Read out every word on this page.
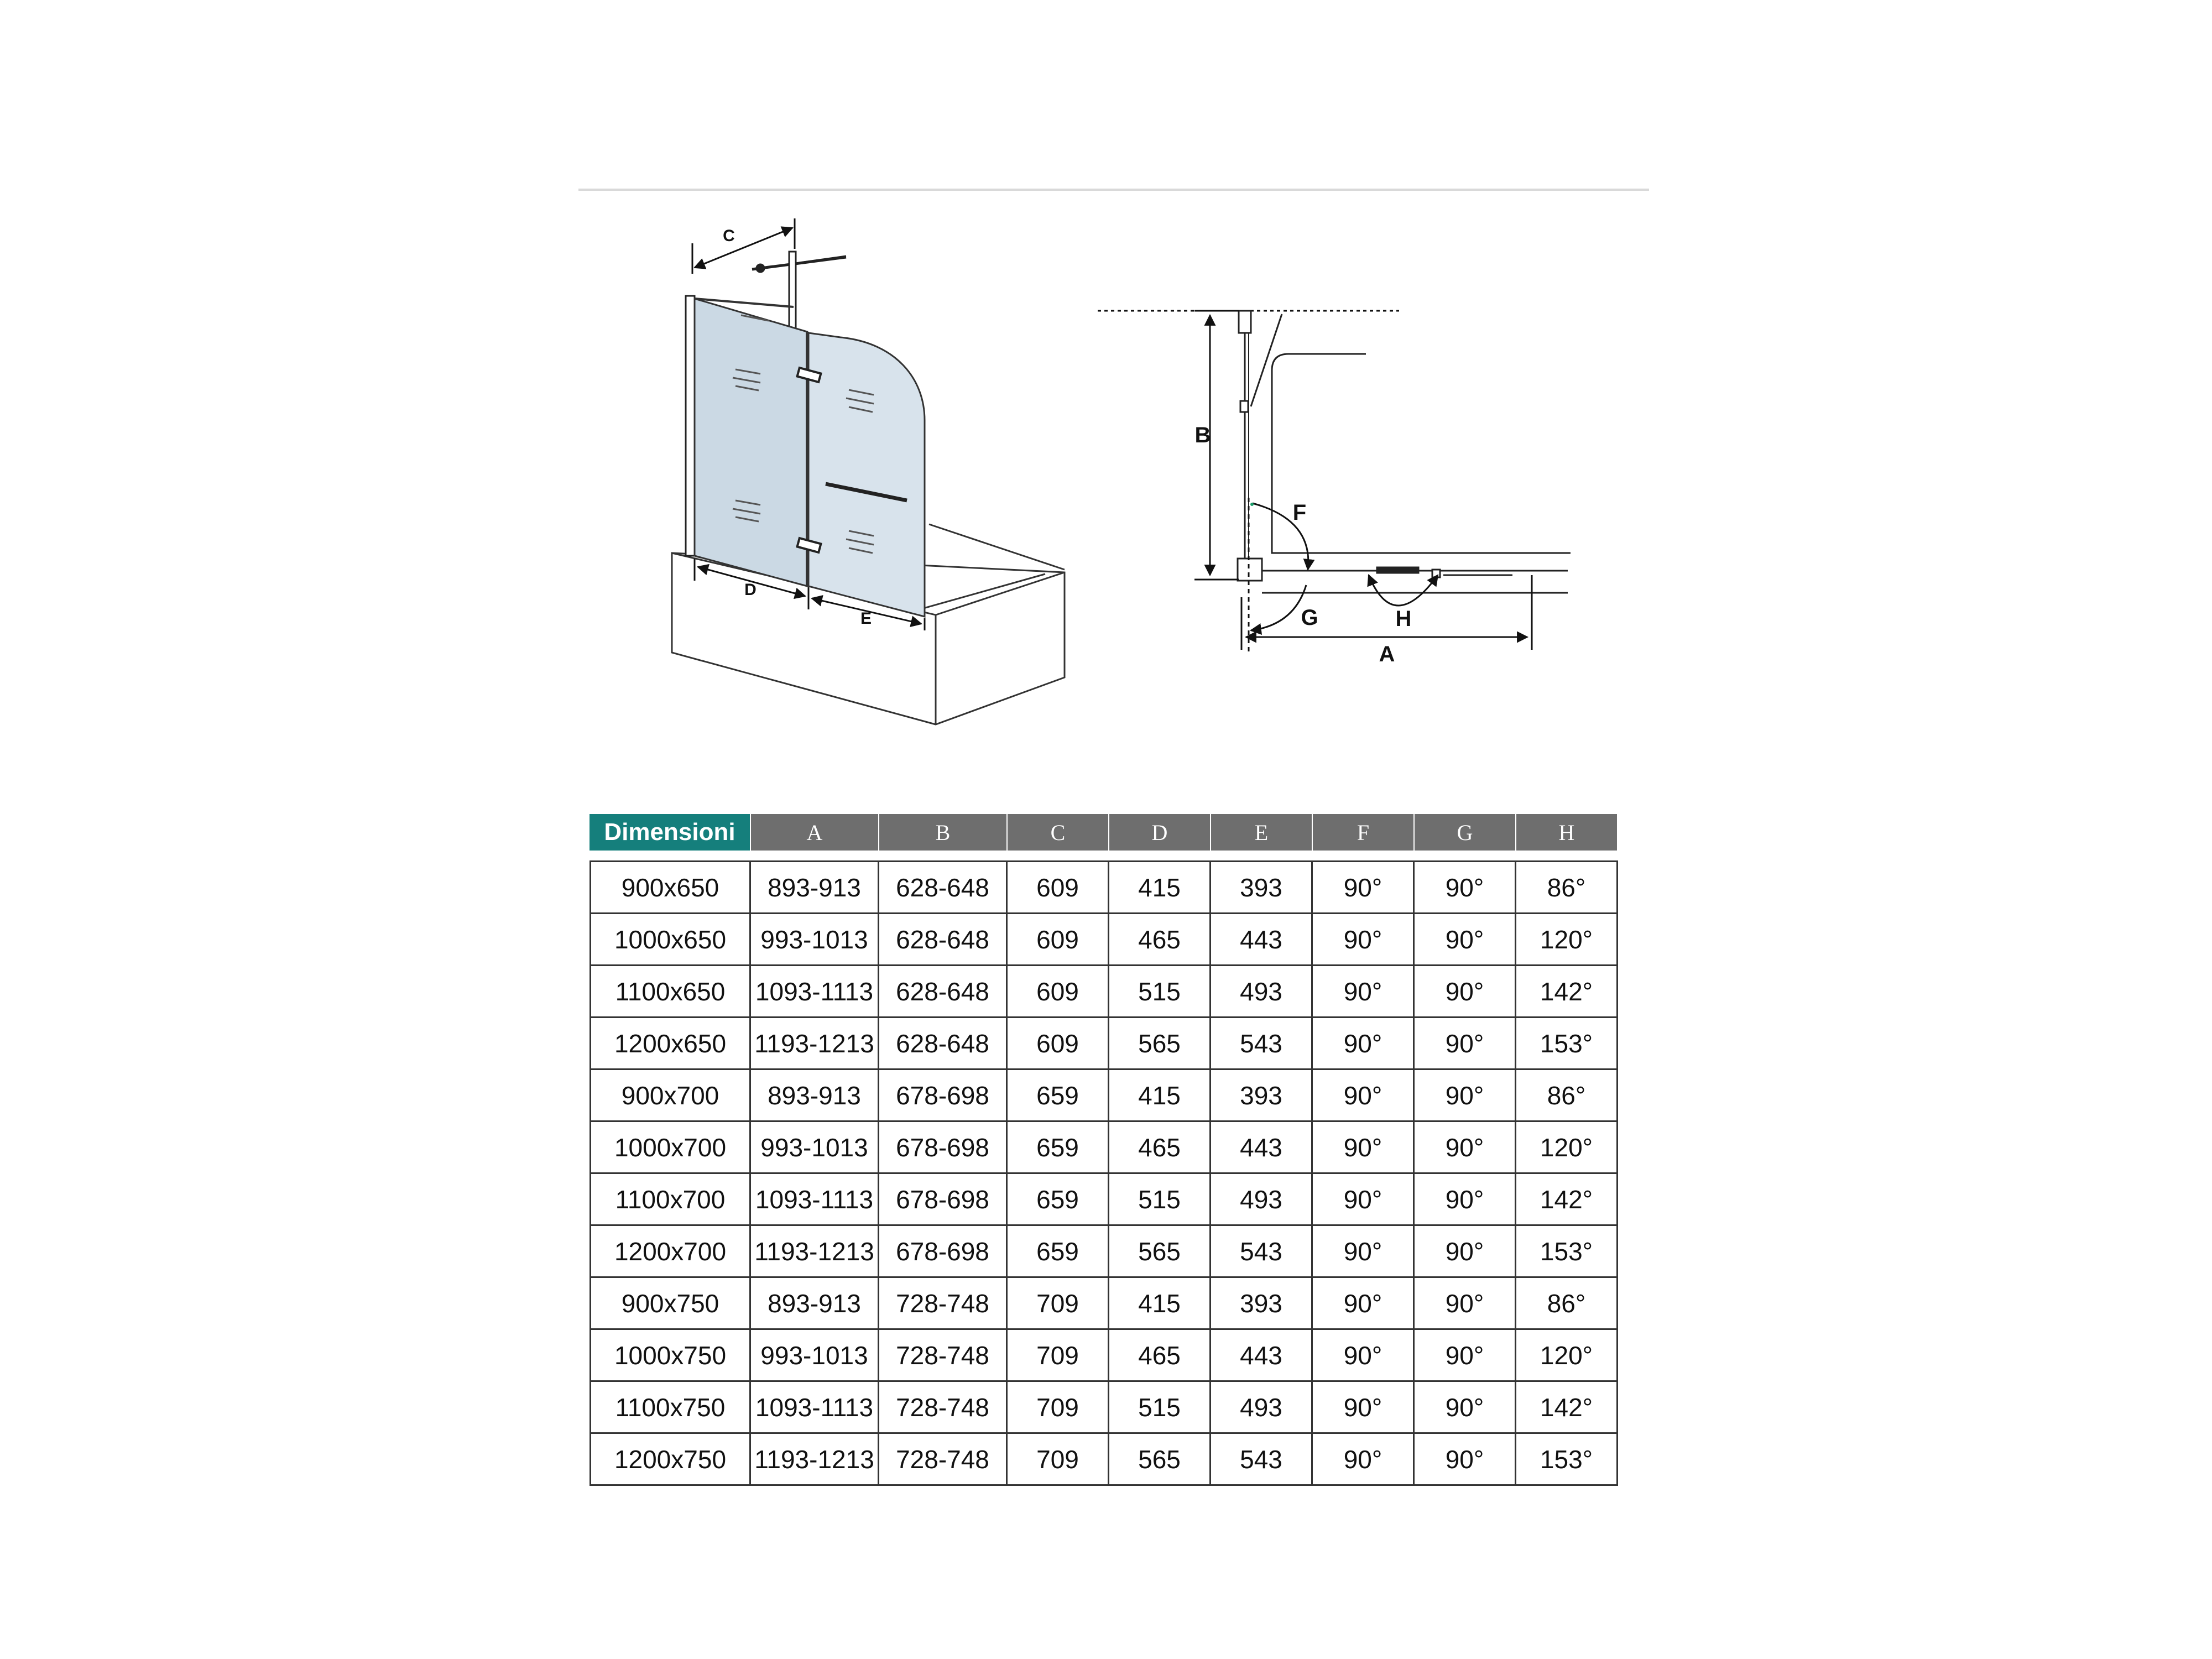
C
D
E
B
F
G	H
A
Dimensioni	A	B	C	D	E	F	G	H

900x650	893-913	628-648	609	415	393	90°	90°	86°
1000x650	993-1013	628-648	609	465	443	90°	90°	120°
1100x650	1093-1113	628-648	609	515	493	90°	90°	142°
1200x650	1193-1213	628-648	609	565	543	90°	90°	153°
900x700	893-913	678-698	659	415	393	90°	90°	86°
1000x700	993-1013	678-698	659	465	443	90°	90°	120°
1100x700	1093-1113	678-698	659	515	493	90°	90°	142°
1200x700	1193-1213	678-698	659	565	543	90°	90°	153°
900x750	893-913	728-748	709	415	393	90°	90°	86°
1000x750	993-1013	728-748	709	465	443	90°	90°	120°
1100x750	1093-1113	728-748	709	515	493	90°	90°	142°
1200x750	1193-1213	728-748	709	565	543	90°	90°	153°
